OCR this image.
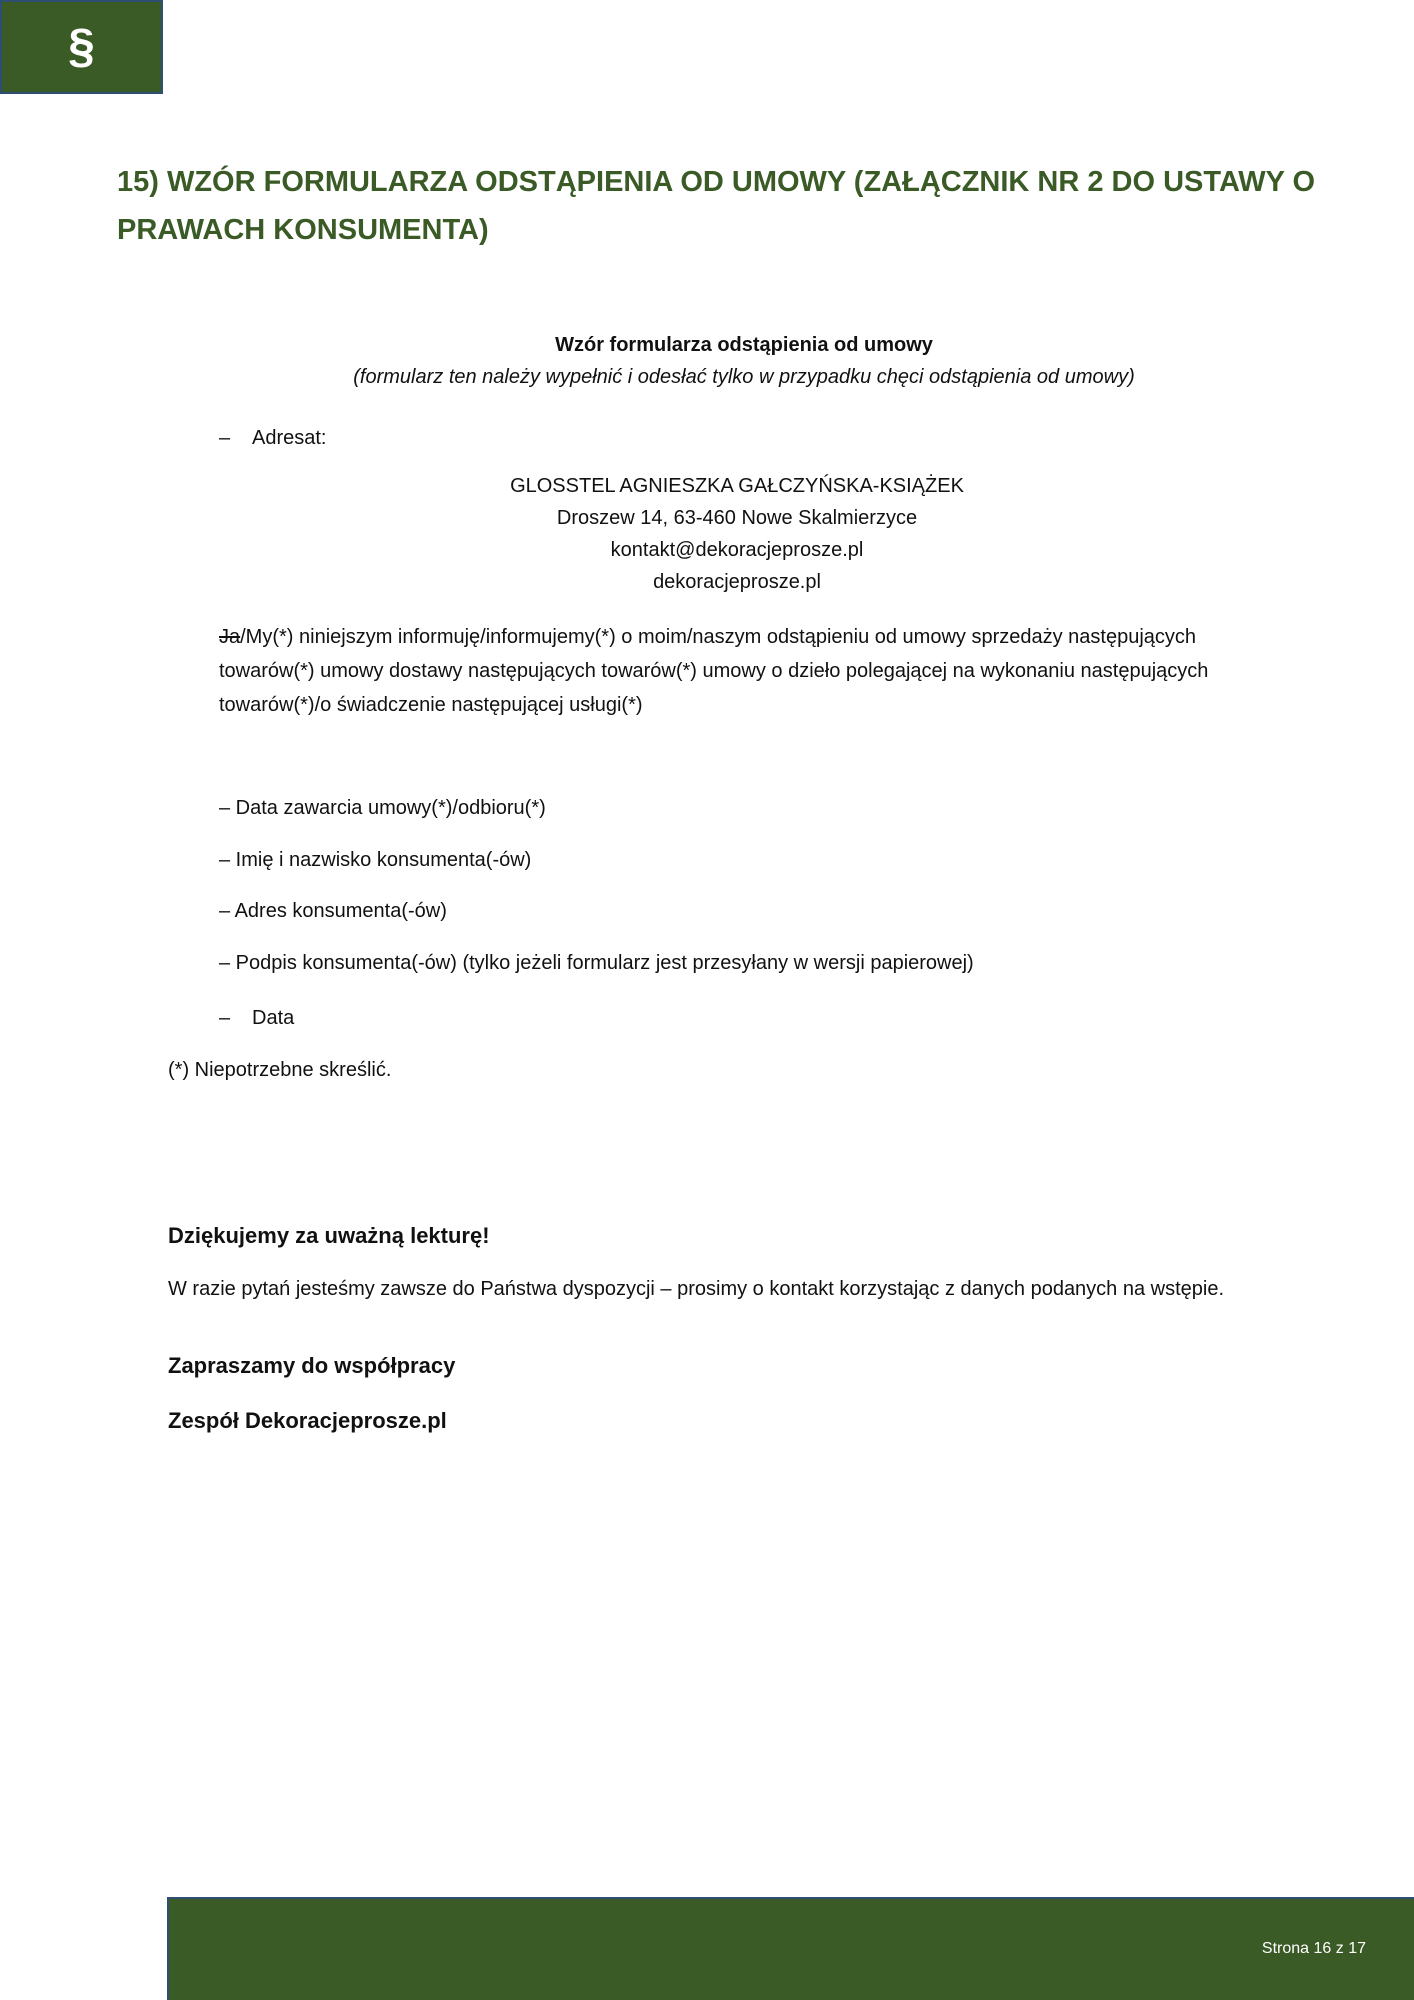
§
15) WZÓR FORMULARZA ODSTĄPIENIA OD UMOWY (ZAŁĄCZNIK NR 2 DO USTAWY O PRAWACH KONSUMENTA)
Wzór formularza odstąpienia od umowy
(formularz ten należy wypełnić i odesłać tylko w przypadku chęci odstąpienia od umowy)
– Adresat:
GLOSSTEL AGNIESZKA GAŁCZYŃSKA-KSIĄŻEK
Droszew 14, 63-460 Nowe Skalmierzyce
kontakt@dekoracjeprosze.pl
dekoracjeprosze.pl

Ja/My(*) niniejszym informuję/informujemy(*) o moim/naszym odstąpieniu od umowy sprzedaży następujących towarów(*) umowy dostawy następujących towarów(*) umowy o dzieło polegającej na wykonaniu następujących towarów(*)/o świadczenie następującej usługi(*)

– Data zawarcia umowy(*)/odbioru(*)
– Imię i nazwisko konsumenta(-ów)
– Adres konsumenta(-ów)
– Podpis konsumenta(-ów) (tylko jeżeli formularz jest przesyłany w wersji papierowej)
– Data
(*) Niepotrzebne skreślić.
Dziękujemy za uważną lekturę!

W razie pytań jesteśmy zawsze do Państwa dyspozycji – prosimy o kontakt korzystając z danych podanych na wstępie.

Zapraszamy do współpracy
Zespół Dekoracjeprosze.pl
Strona 16 z 17
